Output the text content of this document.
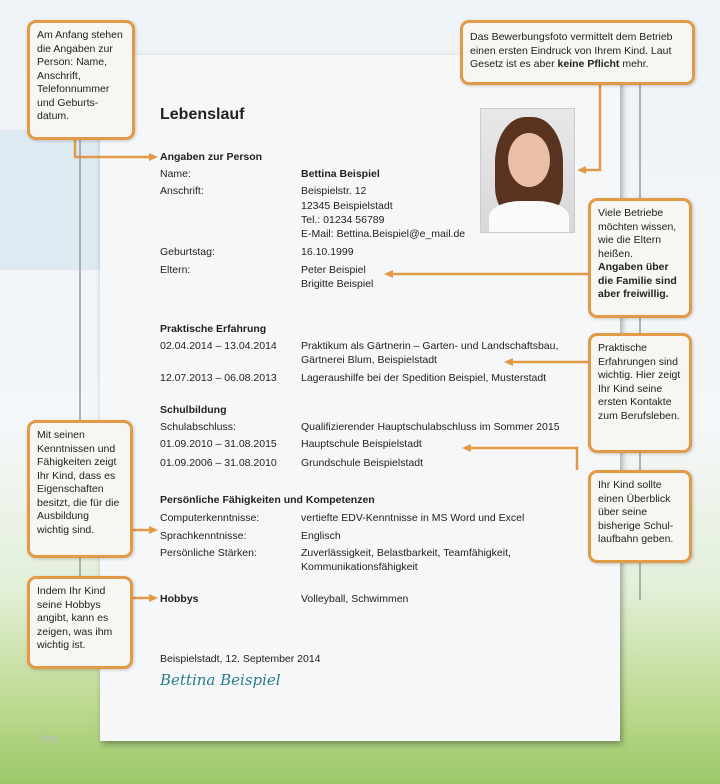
blog
Lebenslauf
Angaben zur Person
Name:	Bettina Beispiel
Anschrift:	Beispielstr. 12
12345 Beispielstadt
Tel.: 01234 56789
E-Mail: Bettina.Beispiel@e_mail.de
Geburtstag:	16.10.1999
Eltern:	Peter Beispiel
Brigitte Beispiel
Praktische Erfahrung
02.04.2014 – 13.04.2014 Praktikum als Gärtnerin – Garten- und Landschaftsbau,
Gärtnerei Blum, Beispielstadt
12.07.2013 – 06.08.2013 Lageraushilfe bei der Spedition Beispiel, Musterstadt
Schulbildung
Schulabschluss:	Qualifizierender Hauptschulabschluss im Sommer 2015
01.09.2010 – 31.08.2015 Hauptschule Beispielstadt
01.09.2006 – 31.08.2010 Grundschule Beispielstadt
Persönliche Fähigkeiten und Kompetenzen
Computerkenntnisse:	vertiefte EDV-Kenntnisse in MS Word und Excel
Sprachkenntnisse:	Englisch
Persönliche Stärken:	Zuverlässigkeit, Belastbarkeit, Teamfähigkeit,
Kommunikationsfähigkeit
Hobbys	Volleyball, Schwimmen
Beispielstadt, 12. September 2014
Bettina Beispiel
Am Anfang stehen die Angaben zur Person: Name, Anschrift, Telefonnummer und Geburts-datum.
Das Bewerbungsfoto vermittelt dem Betrieb einen ersten Eindruck von Ihrem Kind. Laut Gesetz ist es aber keine Pflicht mehr.
Viele Betriebe möchten wissen, wie die Eltern heißen.
Angaben über die Familie sind aber freiwillig.
Praktische Erfahrungen sind wichtig. Hier zeigt Ihr Kind seine ersten Kontakte zum Berufsleben.
Ihr Kind sollte einen Überblick über seine bisherige Schul-laufbahn geben.
Mit seinen Kenntnissen und Fähigkeiten zeigt Ihr Kind, dass es Eigenschaften besitzt, die für die Ausbildung wichtig sind.
Indem Ihr Kind seine Hobbys angibt, kann es zeigen, was ihm wichtig ist.
